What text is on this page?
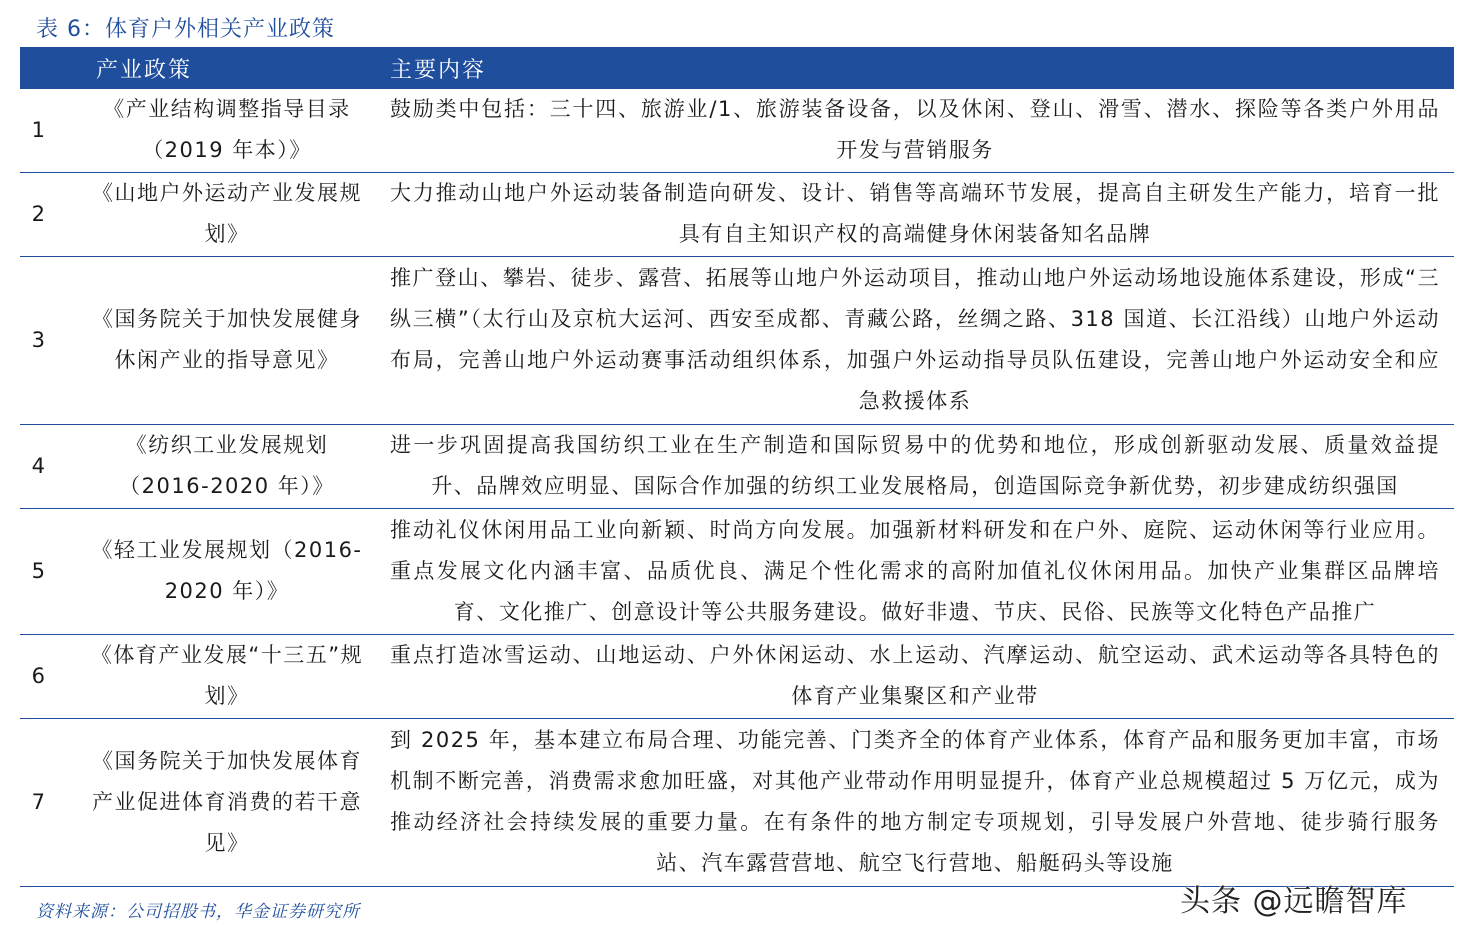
表 6：体育户外相关产业政策
	产业政策	主要内容
1	《产业结构调整指导目录（2019 年本）》	鼓励类中包括：三十四、旅游业/1、旅游装备设备，以及休闲、登山、滑雪、潜水、探险等各类户外用品开发与营销服务
2	《山地户外运动产业发展规划》	大力推动山地户外运动装备制造向研发、设计、销售等高端环节发展，提高自主研发生产能力，培育一批具有自主知识产权的高端健身休闲装备知名品牌
3	《国务院关于加快发展健身休闲产业的指导意见》	推广登山、攀岩、徒步、露营、拓展等山地户外运动项目，推动山地户外运动场地设施体系建设，形成“三纵三横”（太行山及京杭大运河、西安至成都、青藏公路，丝绸之路、318 国道、长江沿线）山地户外运动布局，完善山地户外运动赛事活动组织体系，加强户外运动指导员队伍建设，完善山地户外运动安全和应急救援体系
4	《纺织工业发展规划（2016-2020 年）》	进一步巩固提高我国纺织工业在生产制造和国际贸易中的优势和地位，形成创新驱动发展、质量效益提升、品牌效应明显、国际合作加强的纺织工业发展格局，创造国际竞争新优势，初步建成纺织强国
5	《轻工业发展规划（2016-2020 年）》	推动礼仪休闲用品工业向新颖、时尚方向发展。加强新材料研发和在户外、庭院、运动休闲等行业应用。重点发展文化内涵丰富、品质优良、满足个性化需求的高附加值礼仪休闲用品。加快产业集群区品牌培育、文化推广、创意设计等公共服务建设。做好非遗、节庆、民俗、民族等文化特色产品推广
6	《体育产业发展“十三五”规划》	重点打造冰雪运动、山地运动、户外休闲运动、水上运动、汽摩运动、航空运动、武术运动等各具特色的体育产业集聚区和产业带
7	《国务院关于加快发展体育产业促进体育消费的若干意见》	到 2025 年，基本建立布局合理、功能完善、门类齐全的体育产业体系，体育产品和服务更加丰富，市场机制不断完善，消费需求愈加旺盛，对其他产业带动作用明显提升，体育产业总规模超过 5 万亿元，成为推动经济社会持续发展的重要力量。在有条件的地方制定专项规划，引导发展户外营地、徒步骑行服务站、汽车露营营地、航空飞行营地、船艇码头等设施
资料来源：公司招股书，华金证券研究所	头条 @远瞻智库
